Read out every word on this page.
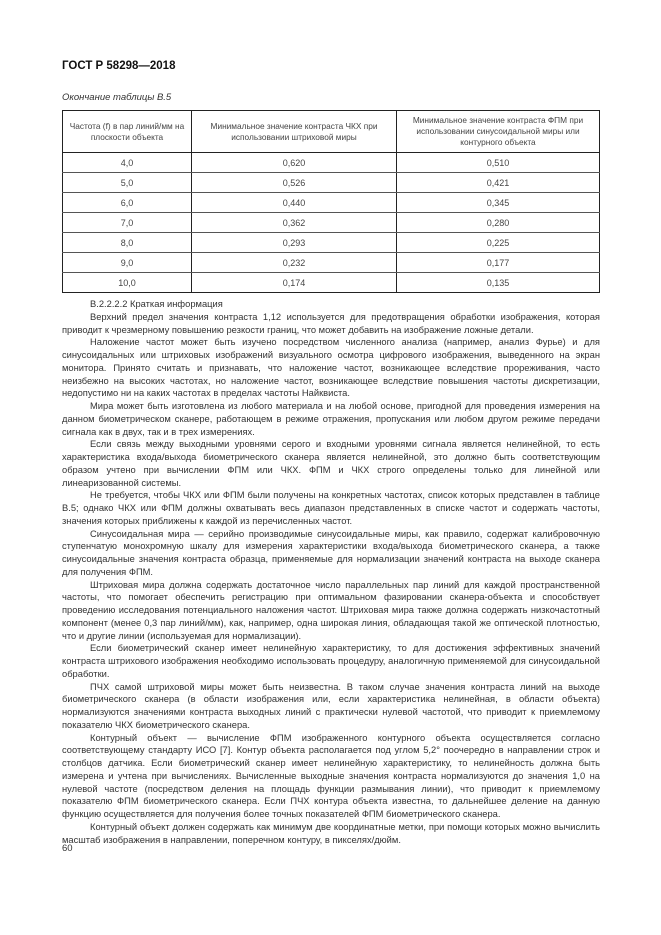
ГОСТ Р 58298—2018
Окончание таблицы В.5
Частота (f) в пар линий/мм на плоскости объекта	Минимальное значение контраста ЧКХ при использовании штриховой миры	Минимальное значение контраста ФПМ при использовании синусоидальной миры или контурного объекта
4,0	0,620	0,510
5,0	0,526	0,421
6,0	0,440	0,345
7,0	0,362	0,280
8,0	0,293	0,225
9,0	0,232	0,177
10,0	0,174	0,135

В.2.2.2.2 Краткая информация

Верхний предел значения контраста 1,12 используется для предотвращения обработки изображения, которая приводит к чрезмерному повышению резкости границ, что может добавить на изображение ложные детали.

Наложение частот может быть изучено посредством численного анализа (например, анализ Фурье) и для синусоидальных или штриховых изображений визуального осмотра цифрового изображения, выведенного на экран монитора. Принято считать и признавать, что наложение частот, возникающее вследствие прореживания, часто неизбежно на высоких частотах, но наложение частот, возникающее вследствие повышения частоты дискретизации, недопустимо ни на каких частотах в пределах частоты Найквиста.

Мира может быть изготовлена из любого материала и на любой основе, пригодной для проведения измерения на данном биометрическом сканере, работающем в режиме отражения, пропускания или любом другом режиме передачи сигнала как в двух, так и в трех измерениях.

Если связь между выходными уровнями серого и входными уровнями сигнала является нелинейной, то есть характеристика входа/выхода биометрического сканера является нелинейной, это должно быть соответствующим образом учтено при вычислении ФПМ или ЧКХ. ФПМ и ЧКХ строго определены только для линейной или линеаризованной системы.

Не требуется, чтобы ЧКХ или ФПМ были получены на конкретных частотах, список которых представлен в таблице В.5; однако ЧКХ или ФПМ должны охватывать весь диапазон представленных в списке частот и содержать частоты, значения которых приближены к каждой из перечисленных частот.

Синусоидальная мира — серийно производимые синусоидальные миры, как правило, содержат калибровочную ступенчатую монохромную шкалу для измерения характеристики входа/выхода биометрического сканера, а также синусоидальные значения контраста образца, применяемые для нормализации значений контраста на выходе сканера для получения ФПМ.

Штриховая мира должна содержать достаточное число параллельных пар линий для каждой пространственной частоты, что помогает обеспечить регистрацию при оптимальном фазировании сканера-объекта и способствует проведению исследования потенциального наложения частот. Штриховая мира также должна содержать низкочастотный компонент (менее 0,3 пар линий/мм), как, например, одна широкая линия, обладающая такой же оптической плотностью, что и другие линии (используемая для нормализации).

Если биометрический сканер имеет нелинейную характеристику, то для достижения эффективных значений контраста штрихового изображения необходимо использовать процедуру, аналогичную применяемой для синусоидальной обработки.

ПЧХ самой штриховой миры может быть неизвестна. В таком случае значения контраста линий на выходе биометрического сканера (в области изображения или, если характеристика нелинейная, в области объекта) нормализуются значениями контраста выходных линий с практически нулевой частотой, что приводит к приемлемому показателю ЧКХ биометрического сканера.

Контурный объект — вычисление ФПМ изображенного контурного объекта осуществляется согласно соответствующему стандарту ИСО [7]. Контур объекта располагается под углом 5,2° поочередно в направлении строк и столбцов датчика. Если биометрический сканер имеет нелинейную характеристику, то нелинейность должна быть измерена и учтена при вычислениях. Вычисленные выходные значения контраста нормализуются до значения 1,0 на нулевой частоте (посредством деления на площадь функции размывания линии), что приводит к приемлемому показателю ФПМ биометрического сканера. Если ПЧХ контура объекта известна, то дальнейшее деление на данную функцию осуществляется для получения более точных показателей ФПМ биометрического сканера.

Контурный объект должен содержать как минимум две координатные метки, при помощи которых можно вычислить масштаб изображения в направлении, поперечном контуру, в пикселях/дюйм.

60
